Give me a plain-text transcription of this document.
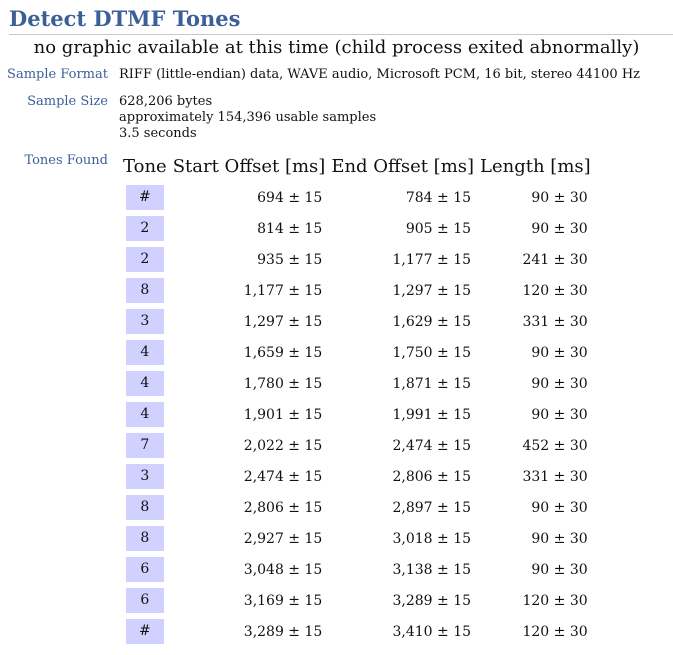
Detect DTMF Tones
no graphic available at this time (child process exited abnormally)
Sample Format RIFF (little-endian) data, WAVE audio, Microsoft PCM, 16 bit, stereo 44100 Hz
Sample Size 628,206 bytes
approximately 154,396 usable samples
3.5 seconds
Tones Found Tone	Start Offset [ms]	End Offset [ms]	Length [ms]
#	694 ± 15	784 ± 15	90 ± 30
2	814 ± 15	905 ± 15	90 ± 30
2	935 ± 15	1,177 ± 15	241 ± 30
8	1,177 ± 15	1,297 ± 15	120 ± 30
3	1,297 ± 15	1,629 ± 15	331 ± 30
4	1,659 ± 15	1,750 ± 15	90 ± 30
4	1,780 ± 15	1,871 ± 15	90 ± 30
4	1,901 ± 15	1,991 ± 15	90 ± 30
7	2,022 ± 15	2,474 ± 15	452 ± 30
3	2,474 ± 15	2,806 ± 15	331 ± 30
8	2,806 ± 15	2,897 ± 15	90 ± 30
8	2,927 ± 15	3,018 ± 15	90 ± 30
6	3,048 ± 15	3,138 ± 15	90 ± 30
6	3,169 ± 15	3,289 ± 15	120 ± 30
#	3,289 ± 15	3,410 ± 15	120 ± 30
